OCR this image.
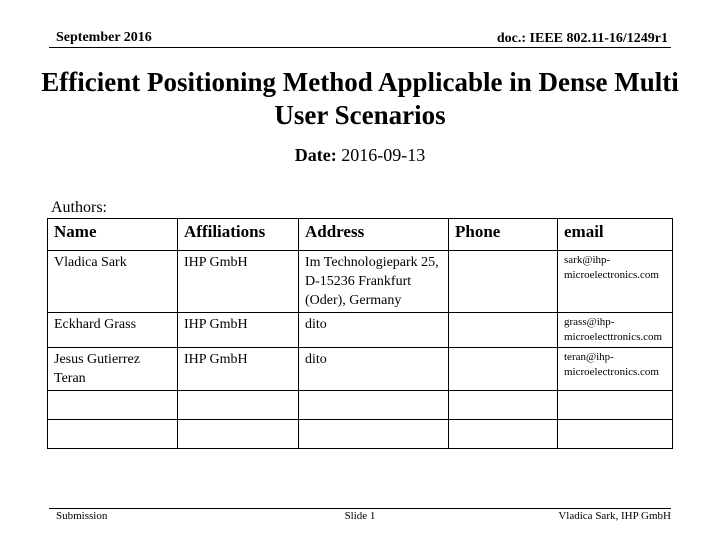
September 2016	doc.: IEEE 802.11-16/1249r1
Efficient Positioning Method Applicable in Dense Multi User Scenarios
Date: 2016-09-13
Authors:
Name	Affiliations	Address	Phone	email
Vladica Sark	IHP GmbH	Im Technologiepark 25, D-15236 Frankfurt (Oder), Germany		sark@ihp-microelectronics.com
Eckhard Grass	IHP GmbH	dito		grass@ihp-microelecttronics.com
Jesus Gutierrez Teran	IHP GmbH	dito		teran@ihp-microelectronics.com

Submission	Slide 1	Vladica Sark, IHP GmbH
